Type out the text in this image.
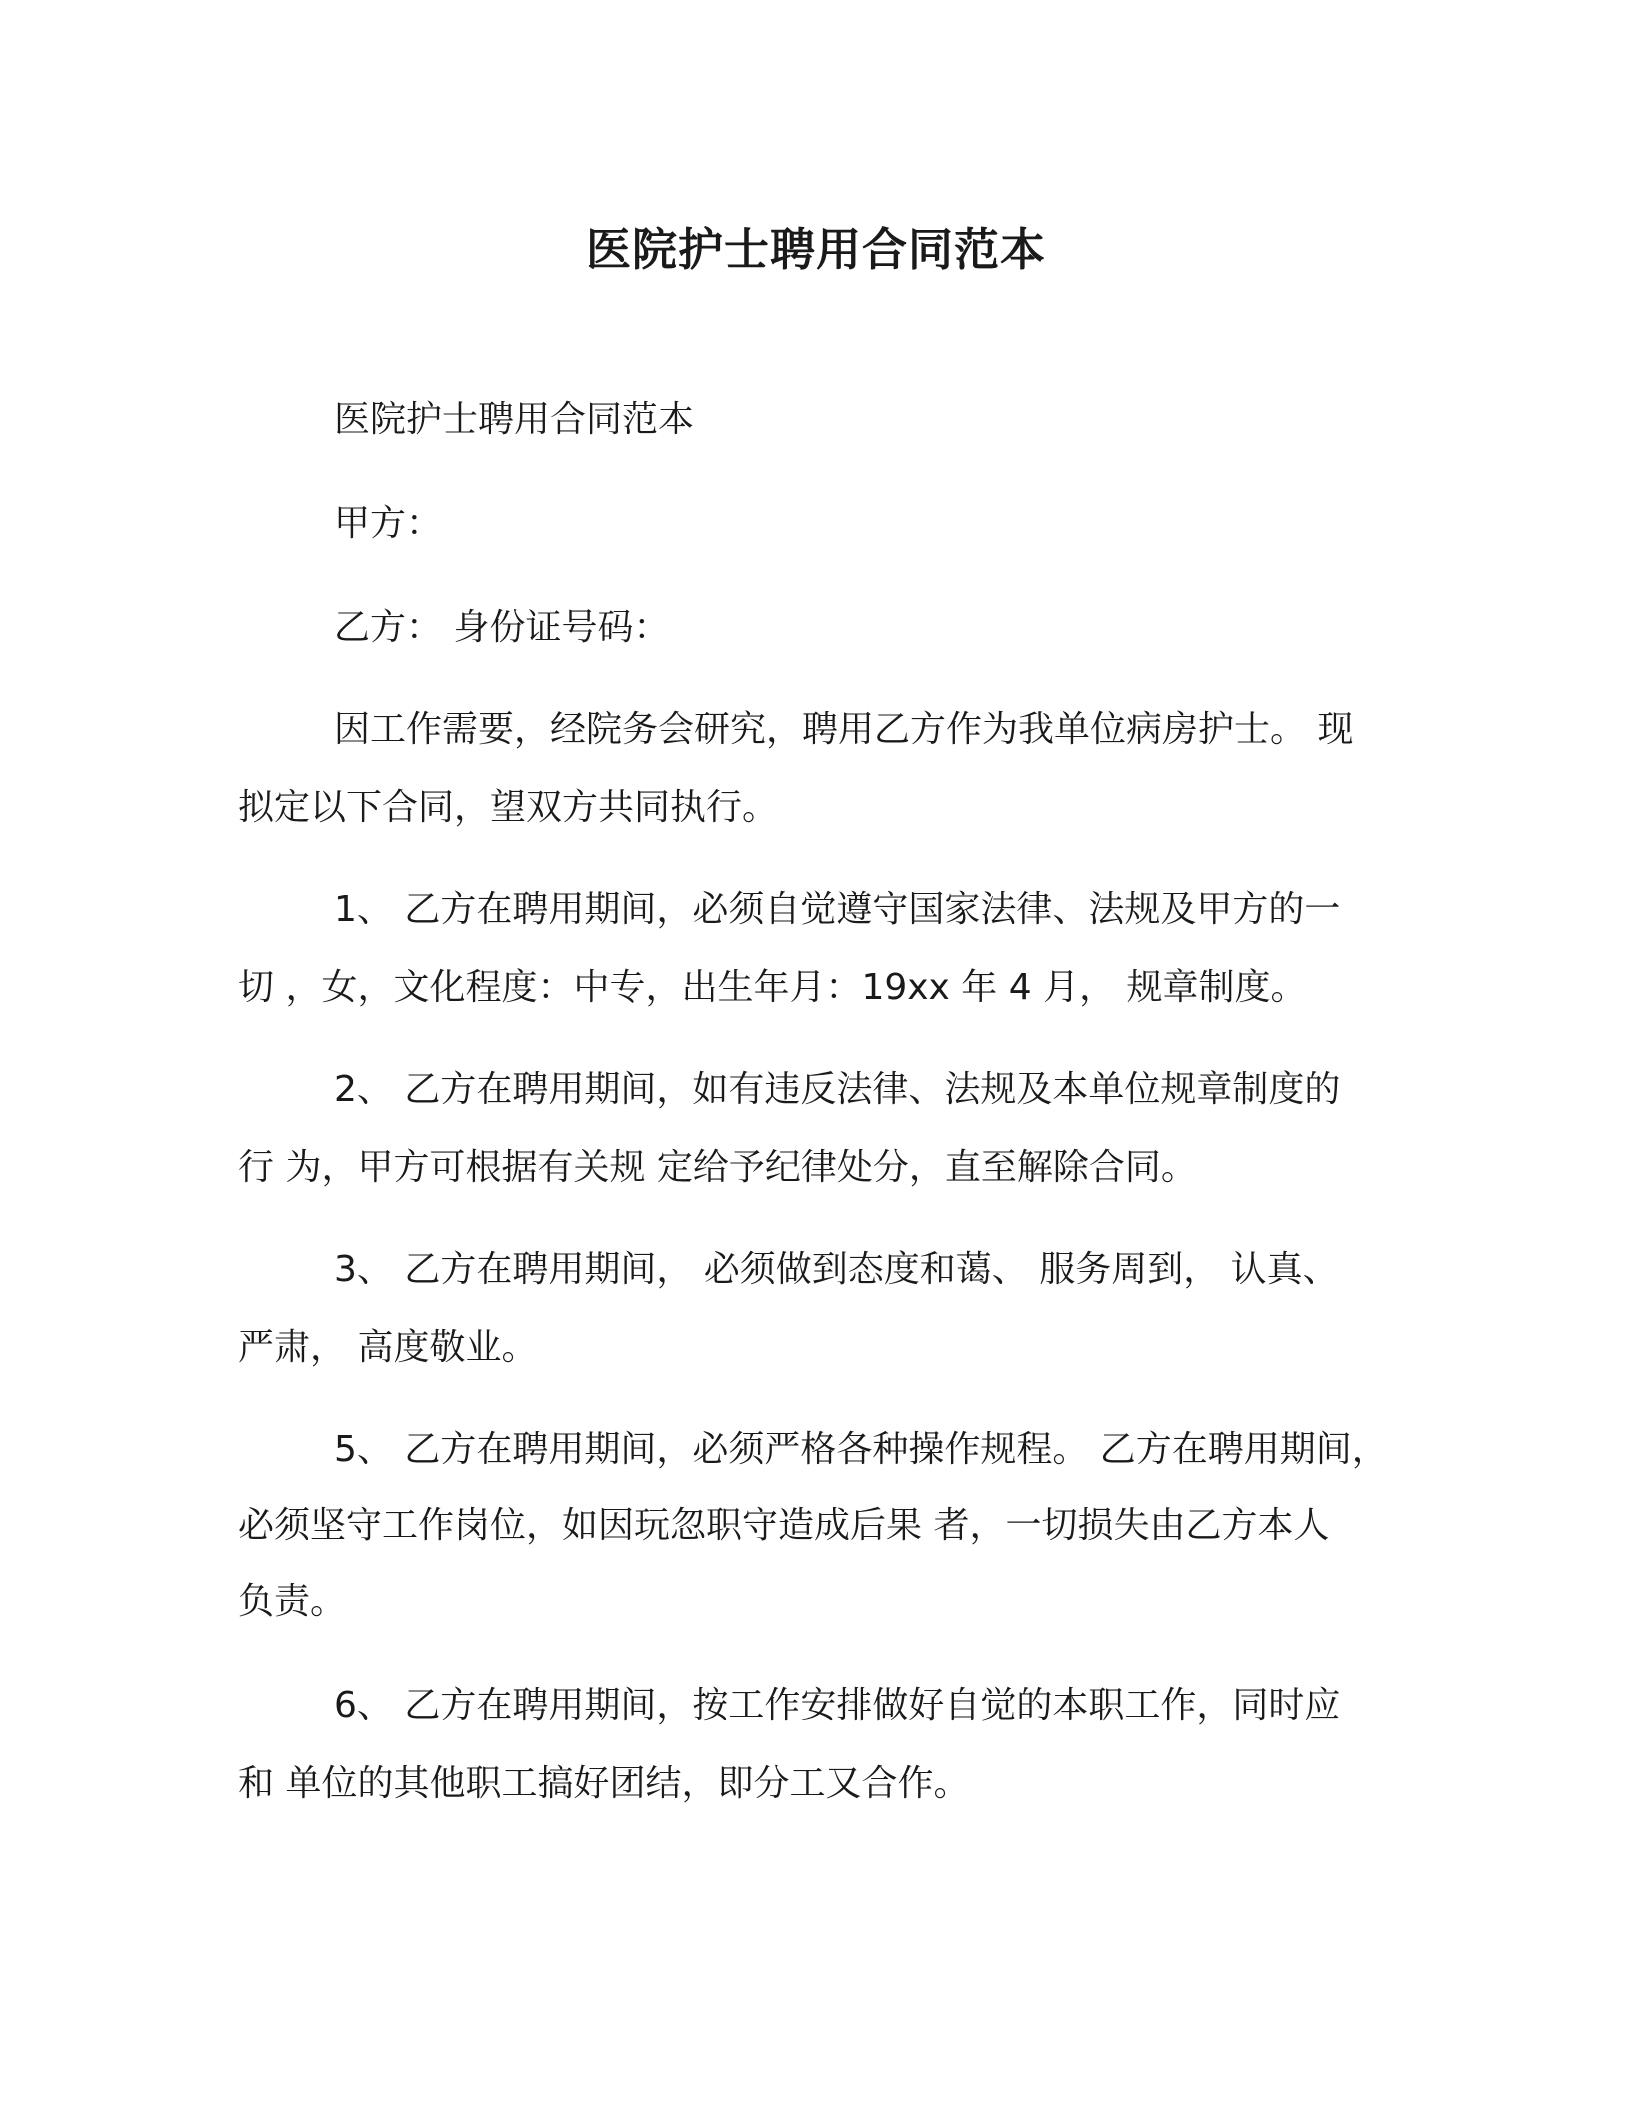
医院护士聘用合同范本

医院护士聘用合同范本

甲方：

乙方： 身份证号码：

因工作需要，经院务会研究，聘用乙方作为我单位病房护士。 现

拟定以下合同，望双方共同执行。

1、 乙方在聘用期间，必须自觉遵守国家法律、法规及甲方的一

切 ，女，文化程度：中专，出生年月：19xx 年 4 月， 规章制度。

2、 乙方在聘用期间，如有违反法律、法规及本单位规章制度的

行 为，甲方可根据有关规 定给予纪律处分，直至解除合同。

3、 乙方在聘用期间， 必须做到态度和蔼、 服务周到， 认真、

严肃， 高度敬业。

5、 乙方在聘用期间，必须严格各种操作规程。 乙方在聘用期间，

必须坚守工作岗位，如因玩忽职守造成后果 者，一切损失由乙方本人

负责。

6、 乙方在聘用期间，按工作安排做好自觉的本职工作，同时应

和 单位的其他职工搞好团结，即分工又合作。
